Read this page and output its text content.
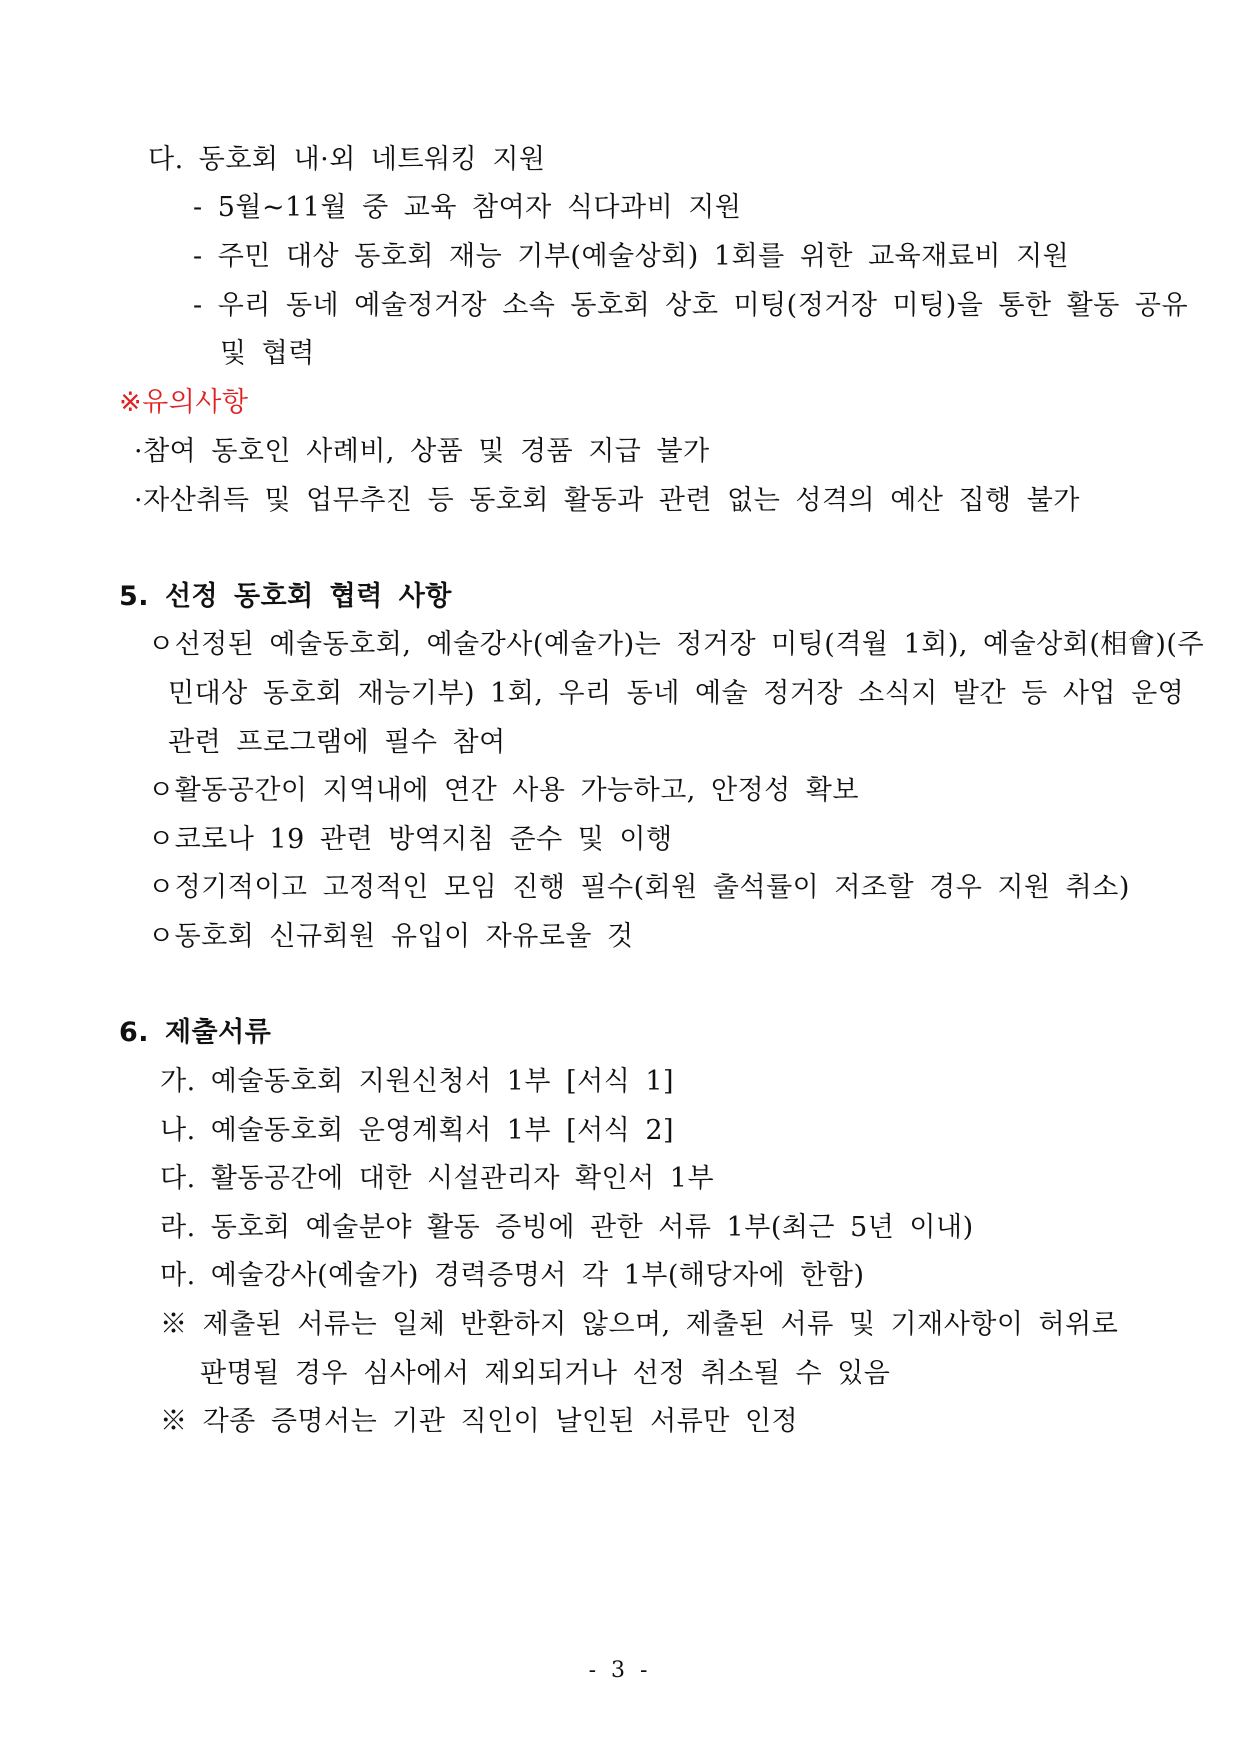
다. 동호회 내·외 네트워킹 지원
- 5월~11월 중 교육 참여자 식다과비 지원
- 주민 대상 동호회 재능 기부(예술상회) 1회를 위한 교육재료비 지원
- 우리 동네 예술정거장 소속 동호회 상호 미팅(정거장 미팅)을 통한 활동 공유
및 협력
※유의사항
·참여 동호인 사례비, 상품 및 경품 지급 불가
·자산취득 및 업무추진 등 동호회 활동과 관련 없는 성격의 예산 집행 불가
5. 선정 동호회 협력 사항
ㅇ선정된 예술동호회, 예술강사(예술가)는 정거장 미팅(격월 1회), 예술상회(相會)(주
민대상 동호회 재능기부) 1회, 우리 동네 예술 정거장 소식지 발간 등 사업 운영
관련 프로그램에 필수 참여
ㅇ활동공간이 지역내에 연간 사용 가능하고, 안정성 확보
ㅇ코로나 19 관련 방역지침 준수 및 이행
ㅇ정기적이고 고정적인 모임 진행 필수(회원 출석률이 저조할 경우 지원 취소)
ㅇ동호회 신규회원 유입이 자유로울 것
6. 제출서류
가. 예술동호회 지원신청서 1부 [서식 1]
나. 예술동호회 운영계획서 1부 [서식 2]
다. 활동공간에 대한 시설관리자 확인서 1부
라. 동호회 예술분야 활동 증빙에 관한 서류 1부(최근 5년 이내)
마. 예술강사(예술가) 경력증명서 각 1부(해당자에 한함)
※ 제출된 서류는 일체 반환하지 않으며, 제출된 서류 및 기재사항이 허위로
판명될 경우 심사에서 제외되거나 선정 취소될 수 있음
※ 각종 증명서는 기관 직인이 날인된 서류만 인정
- 3 -
